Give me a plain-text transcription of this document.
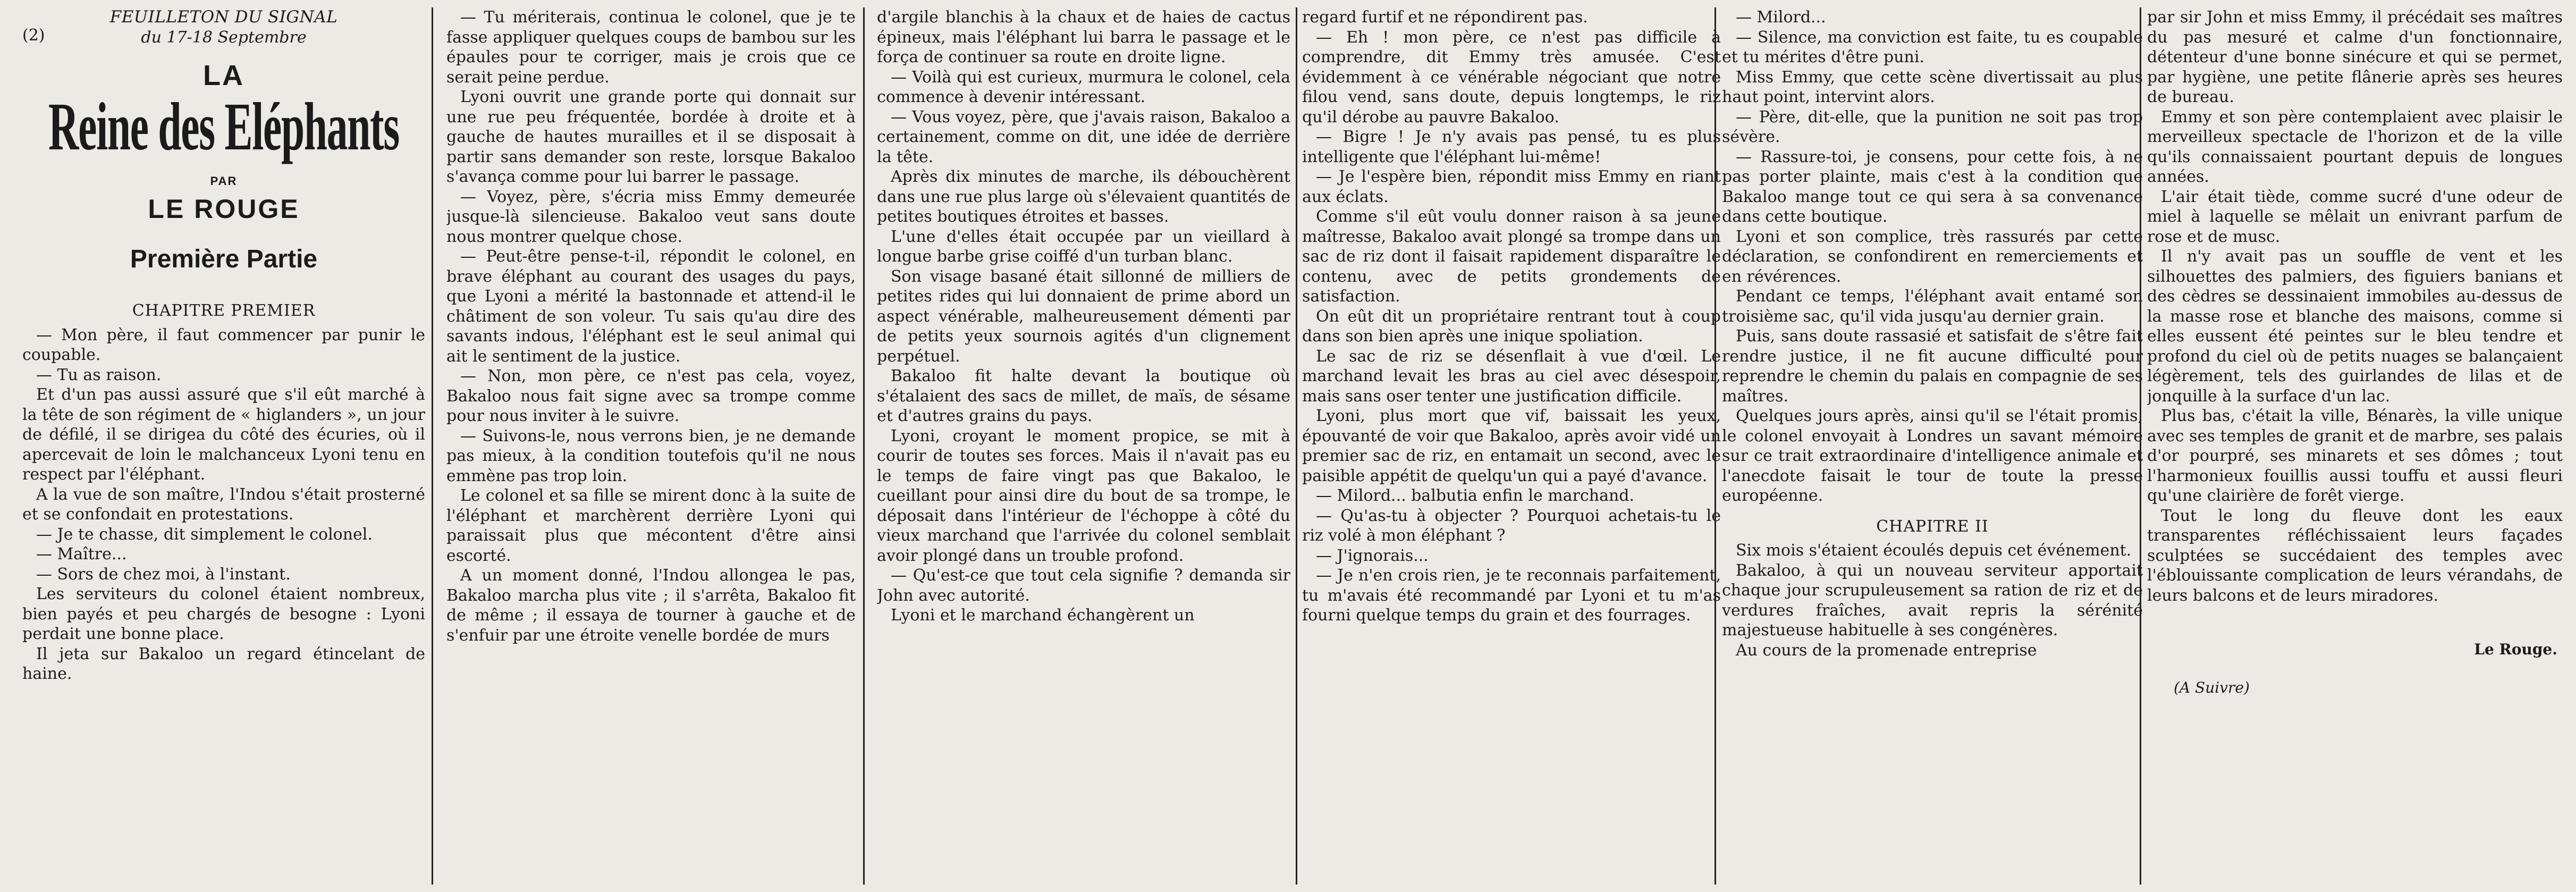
FEUILLETON DU SIGNAL
(2)	du 17-18 Septembre
LA
Reine des Eléphants
PAR
LE ROUGE
Première Partie
CHAPITRE PREMIER

— Mon père, il faut commencer par punir le coupable.

— Tu as raison.

Et d'un pas aussi assuré que s'il eût marché à la tête de son régiment de « higlanders », un jour de défilé, il se dirigea du côté des écuries, où il apercevait de loin le malchanceux Lyoni tenu en respect par l'éléphant.

A la vue de son maître, l'Indou s'était prosterné et se confondait en protestations.

— Je te chasse, dit simplement le colonel.

— Maître...

— Sors de chez moi, à l'instant.

Les serviteurs du colonel étaient nombreux, bien payés et peu chargés de besogne : Lyoni perdait une bonne place.

Il jeta sur Bakaloo un regard étincelant de haine.

— Tu mériterais, continua le colonel, que je te fasse appliquer quelques coups de bambou sur les épaules pour te corriger, mais je crois que ce serait peine perdue.

Lyoni ouvrit une grande porte qui donnait sur une rue peu fréquentée, bordée à droite et à gauche de hautes murailles et il se disposait à partir sans demander son reste, lorsque Bakaloo s'avança comme pour lui barrer le passage.

— Voyez, père, s'écria miss Emmy demeurée jusque-là silencieuse. Bakaloo veut sans doute nous montrer quelque chose.

— Peut-être pense-t-il, répondit le colonel, en brave éléphant au courant des usages du pays, que Lyoni a mérité la bastonnade et attend-il le châtiment de son voleur. Tu sais qu'au dire des savants indous, l'éléphant est le seul animal qui ait le sentiment de la justice.

— Non, mon père, ce n'est pas cela, voyez, Bakaloo nous fait signe avec sa trompe comme pour nous inviter à le suivre.

— Suivons-le, nous verrons bien, je ne demande pas mieux, à la condition toutefois qu'il ne nous emmène pas trop loin.

Le colonel et sa fille se mirent donc à la suite de l'éléphant et marchèrent derrière Lyoni qui paraissait plus que mécontent d'être ainsi escorté.

A un moment donné, l'Indou allongea le pas, Bakaloo marcha plus vite ; il s'arrêta, Bakaloo fit de même ; il essaya de tourner à gauche et de s'enfuir par une étroite venelle bordée de murs

d'argile blanchis à la chaux et de haies de cactus épineux, mais l'éléphant lui barra le passage et le força de continuer sa route en droite ligne.

— Voilà qui est curieux, murmura le colonel, cela commence à devenir intéressant.

— Vous voyez, père, que j'avais raison, Bakaloo a certainement, comme on dit, une idée de derrière la tête.

Après dix minutes de marche, ils débouchèrent dans une rue plus large où s'élevaient quantités de petites boutiques étroites et basses.

L'une d'elles était occupée par un vieillard à longue barbe grise coiffé d'un turban blanc.

Son visage basané était sillonné de milliers de petites rides qui lui donnaient de prime abord un aspect vénérable, malheureusement démenti par de petits yeux sournois agités d'un clignement perpétuel.

Bakaloo fit halte devant la boutique où s'étalaient des sacs de millet, de maïs, de sésame et d'autres grains du pays.

Lyoni, croyant le moment propice, se mit à courir de toutes ses forces. Mais il n'avait pas eu le temps de faire vingt pas que Bakaloo, le cueillant pour ainsi dire du bout de sa trompe, le déposait dans l'intérieur de l'échoppe à côté du vieux marchand que l'arrivée du colonel semblait avoir plongé dans un trouble profond.

— Qu'est-ce que tout cela signifie ? demanda sir John avec autorité.

Lyoni et le marchand échangèrent un

regard furtif et ne répondirent pas.

— Eh ! mon père, ce n'est pas difficile à comprendre, dit Emmy très amusée. C'est évidemment à ce vénérable négociant que notre filou vend, sans doute, depuis longtemps, le riz qu'il dérobe au pauvre Bakaloo.

— Bigre ! Je n'y avais pas pensé, tu es plus intelligente que l'éléphant lui-même!

— Je l'espère bien, répondit miss Emmy en riant aux éclats.

Comme s'il eût voulu donner raison à sa jeune maîtresse, Bakaloo avait plongé sa trompe dans un sac de riz dont il faisait rapidement disparaître le contenu, avec de petits grondements de satisfaction.

On eût dit un propriétaire rentrant tout à coup dans son bien après une inique spoliation.

Le sac de riz se désenflait à vue d'œil. Le marchand levait les bras au ciel avec désespoir, mais sans oser tenter une justification difficile.

Lyoni, plus mort que vif, baissait les yeux, épouvanté de voir que Bakaloo, après avoir vidé un premier sac de riz, en entamait un second, avec le paisible appétit de quelqu'un qui a payé d'avance.

— Milord... balbutia enfin le marchand.

— Qu'as-tu à objecter ? Pourquoi achetais-tu le riz volé à mon éléphant ?

— J'ignorais...

— Je n'en crois rien, je te reconnais parfaitement, tu m'avais été recommandé par Lyoni et tu m'as fourni quelque temps du grain et des fourrages.

— Milord...

— Silence, ma conviction est faite, tu es coupable et tu mérites d'être puni.

Miss Emmy, que cette scène divertissait au plus haut point, intervint alors.

— Père, dit-elle, que la punition ne soit pas trop sévère.

— Rassure-toi, je consens, pour cette fois, à ne pas porter plainte, mais c'est à la condition que Bakaloo mange tout ce qui sera à sa convenance dans cette boutique.

Lyoni et son complice, très rassurés par cette déclaration, se confondirent en remerciements et en révérences.

Pendant ce temps, l'éléphant avait entamé son troisième sac, qu'il vida jusqu'au dernier grain.

Puis, sans doute rassasié et satisfait de s'être fait rendre justice, il ne fit aucune difficulté pour reprendre le chemin du palais en compagnie de ses maîtres.

Quelques jours après, ainsi qu'il se l'était promis, le colonel envoyait à Londres un savant mémoire sur ce trait extraordinaire d'intelligence animale et l'anecdote faisait le tour de toute la presse européenne.

CHAPITRE II

Six mois s'étaient écoulés depuis cet événement.

Bakaloo, à qui un nouveau serviteur apportait chaque jour scrupuleusement sa ration de riz et de verdures fraîches, avait repris la sérénité majestueuse habituelle à ses congénères.

Au cours de la promenade entreprise

par sir John et miss Emmy, il précédait ses maîtres du pas mesuré et calme d'un fonctionnaire, détenteur d'une bonne sinécure et qui se permet, par hygiène, une petite flânerie après ses heures de bureau.

Emmy et son père contemplaient avec plaisir le merveilleux spectacle de l'horizon et de la ville qu'ils connaissaient pourtant depuis de longues années.

L'air était tiède, comme sucré d'une odeur de miel à laquelle se mêlait un enivrant parfum de rose et de musc.

Il n'y avait pas un souffle de vent et les silhouettes des palmiers, des figuiers banians et des cèdres se dessinaient immobiles au-dessus de la masse rose et blanche des maisons, comme si elles eussent été peintes sur le bleu tendre et profond du ciel où de petits nuages se balançaient légèrement, tels des guirlandes de lilas et de jonquille à la surface d'un lac.

Plus bas, c'était la ville, Bénarès, la ville unique avec ses temples de granit et de marbre, ses palais d'or pourpré, ses minarets et ses dômes ; tout l'harmonieux fouillis aussi touffu et aussi fleuri qu'une clairière de forêt vierge.

Tout le long du fleuve dont les eaux transparentes réfléchissaient leurs façades sculptées se succédaient des temples avec l'éblouissante complication de leurs vérandahs, de leurs balcons et de leurs miradores.

Le Rouge.
(A Suivre)
